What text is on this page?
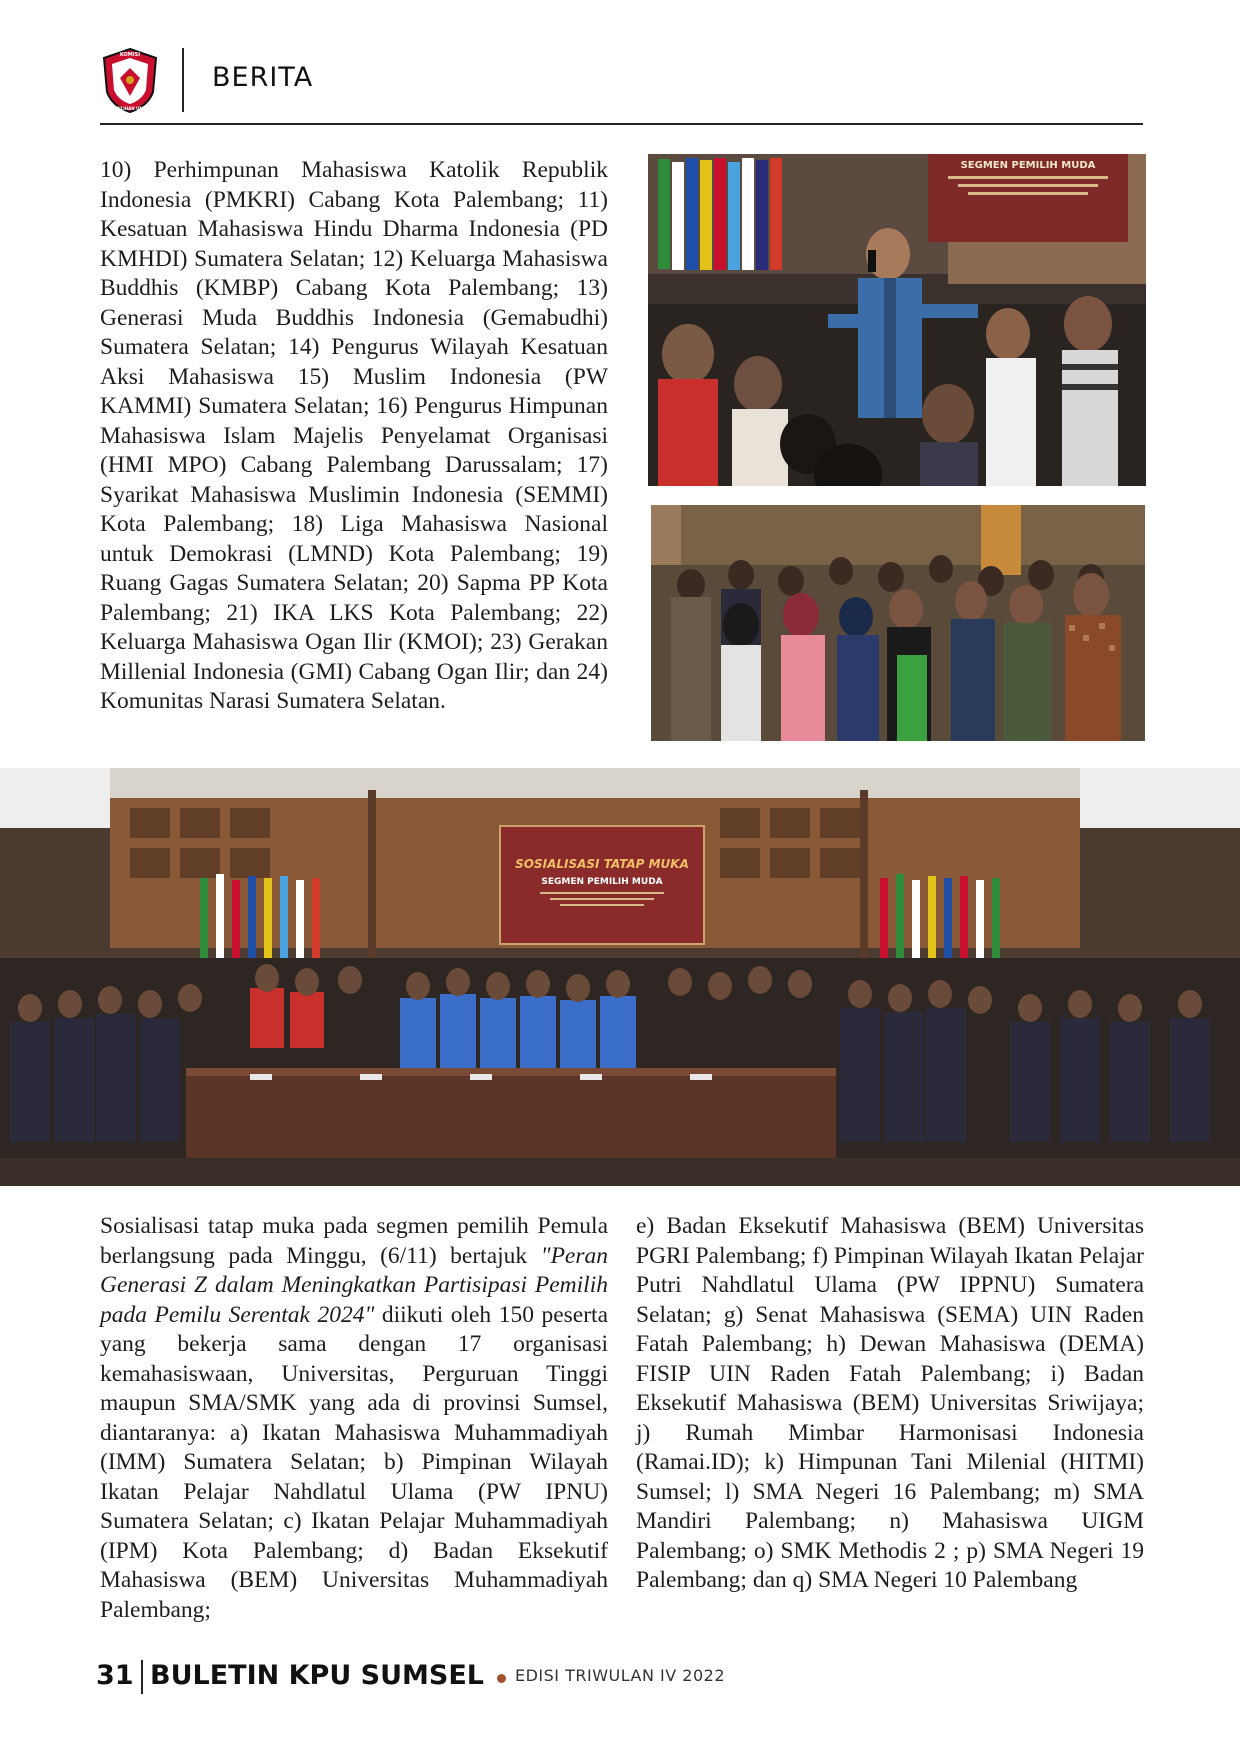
KOMISI
PEMILIHAN UMUM
BERITA

10) Perhimpunan Mahasiswa Katolik Republik Indonesia (PMKRI) Cabang Kota Palembang; 11) Kesatuan Mahasiswa Hindu Dharma Indonesia (PD KMHDI) Sumatera Selatan; 12) Keluarga Mahasiswa Buddhis (KMBP) Cabang Kota Palembang; 13) Generasi Muda Buddhis Indonesia (Gemabudhi) Sumatera Selatan; 14) Pengurus Wilayah Kesatuan Aksi Mahasiswa 15) Muslim Indonesia (PW KAMMI) Sumatera Selatan; 16) Pengurus Himpunan Mahasiswa Islam Majelis Penyelamat Organisasi (HMI MPO) Cabang Palembang Darussalam; 17) Syarikat Mahasiswa Muslimin Indonesia (SEMMI) Kota Palembang; 18) Liga Mahasiswa Nasional untuk Demokrasi (LMND) Kota Palembang; 19) Ruang Gagas Sumatera Selatan; 20) Sapma PP Kota Palembang; 21) IKA LKS Kota Palembang; 22) Keluarga Mahasiswa Ogan Ilir (KMOI); 23) Gerakan Millenial Indonesia (GMI) Cabang Ogan Ilir; dan 24) Komunitas Narasi Sumatera Selatan.

SEGMEN PEMILIH MUDA
SOSIALISASI TATAP MUKA
SEGMEN PEMILIH MUDA

Sosialisasi tatap muka pada segmen pemilih Pemula berlangsung pada Minggu, (6/11) bertajuk "Peran Generasi Z dalam Meningkatkan Partisipasi Pemilih pada Pemilu Serentak 2024" diikuti oleh 150 peserta yang bekerja sama dengan 17 organisasi kemahasiswaan, Universitas, Perguruan Tinggi maupun SMA/SMK yang ada di provinsi Sumsel, diantaranya: a) Ikatan Mahasiswa Muhammadiyah (IMM) Sumatera Selatan; b) Pimpinan Wilayah Ikatan Pelajar Nahdlatul Ulama (PW IPNU) Sumatera Selatan; c) Ikatan Pelajar Muhammadiyah (IPM) Kota Palembang; d) Badan Eksekutif Mahasiswa (BEM) Universitas Muhammadiyah Palembang;

e) Badan Eksekutif Mahasiswa (BEM) Universitas PGRI Palembang; f) Pimpinan Wilayah Ikatan Pelajar Putri Nahdlatul Ulama (PW IPPNU) Sumatera Selatan; g) Senat Mahasiswa (SEMA) UIN Raden Fatah Palembang; h) Dewan Mahasiswa (DEMA) FISIP UIN Raden Fatah Palembang; i) Badan Eksekutif Mahasiswa (BEM) Universitas Sriwijaya; j) Rumah Mimbar Harmonisasi Indonesia (Ramai.ID); k) Himpunan Tani Milenial (HITMI) Sumsel; l) SMA Negeri 16 Palembang; m) SMA Mandiri Palembang; n) Mahasiswa UIGM Palembang; o) SMK Methodis 2 ; p) SMA Negeri 19 Palembang; dan q) SMA Negeri 10 Palembang

31 BULETIN KPU SUMSEL EDISI TRIWULAN IV 2022
